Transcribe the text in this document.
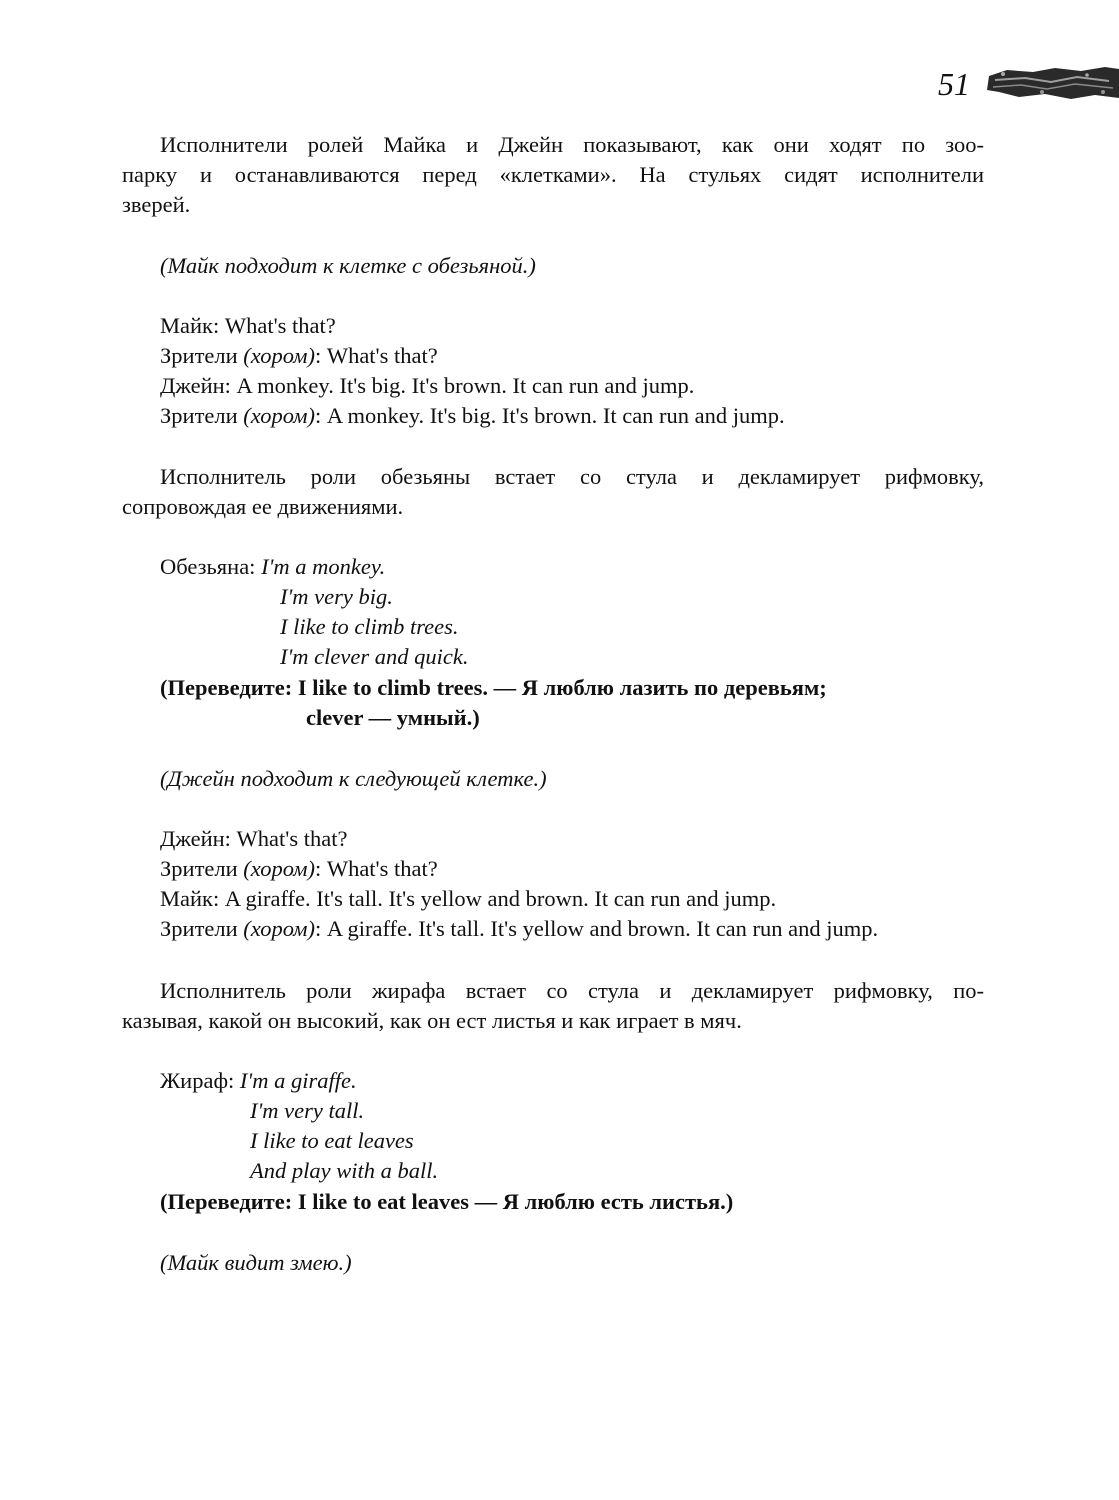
51
Исполнители ролей Майка и Джейн показывают, как они ходят по зоо-
парку и останавливаются перед «клетками». На стульях сидят исполнители
зверей.
(Майк подходит к клетке с обезьяной.)
Майк: What's that?
Зрители (хором): What's that?
Джейн: A monkey. It's big. It's brown. It can run and jump.
Зрители (хором): A monkey. It's big. It's brown. It can run and jump.
Исполнитель роли обезьяны встает со стула и декламирует рифмовку,
сопровождая ее движениями.
Обезьяна: I'm a monkey.
I'm very big.
I like to climb trees.
I'm clever and quick.
(Переведите: I like to climb trees. — Я люблю лазить по деревьям;
clever — умный.)
(Джейн подходит к следующей клетке.)
Джейн: What's that?
Зрители (хором): What's that?
Майк: A giraffe. It's tall. It's yellow and brown. It can run and jump.
Зрители (хором): A giraffe. It's tall. It's yellow and brown. It can run and jump.
Исполнитель роли жирафа встает со стула и декламирует рифмовку, по-
казывая, какой он высокий, как он ест листья и как играет в мяч.
Жираф: I'm a giraffe.
I'm very tall.
I like to eat leaves
And play with a ball.
(Переведите: I like to eat leaves — Я люблю есть листья.)
(Майк видит змею.)
